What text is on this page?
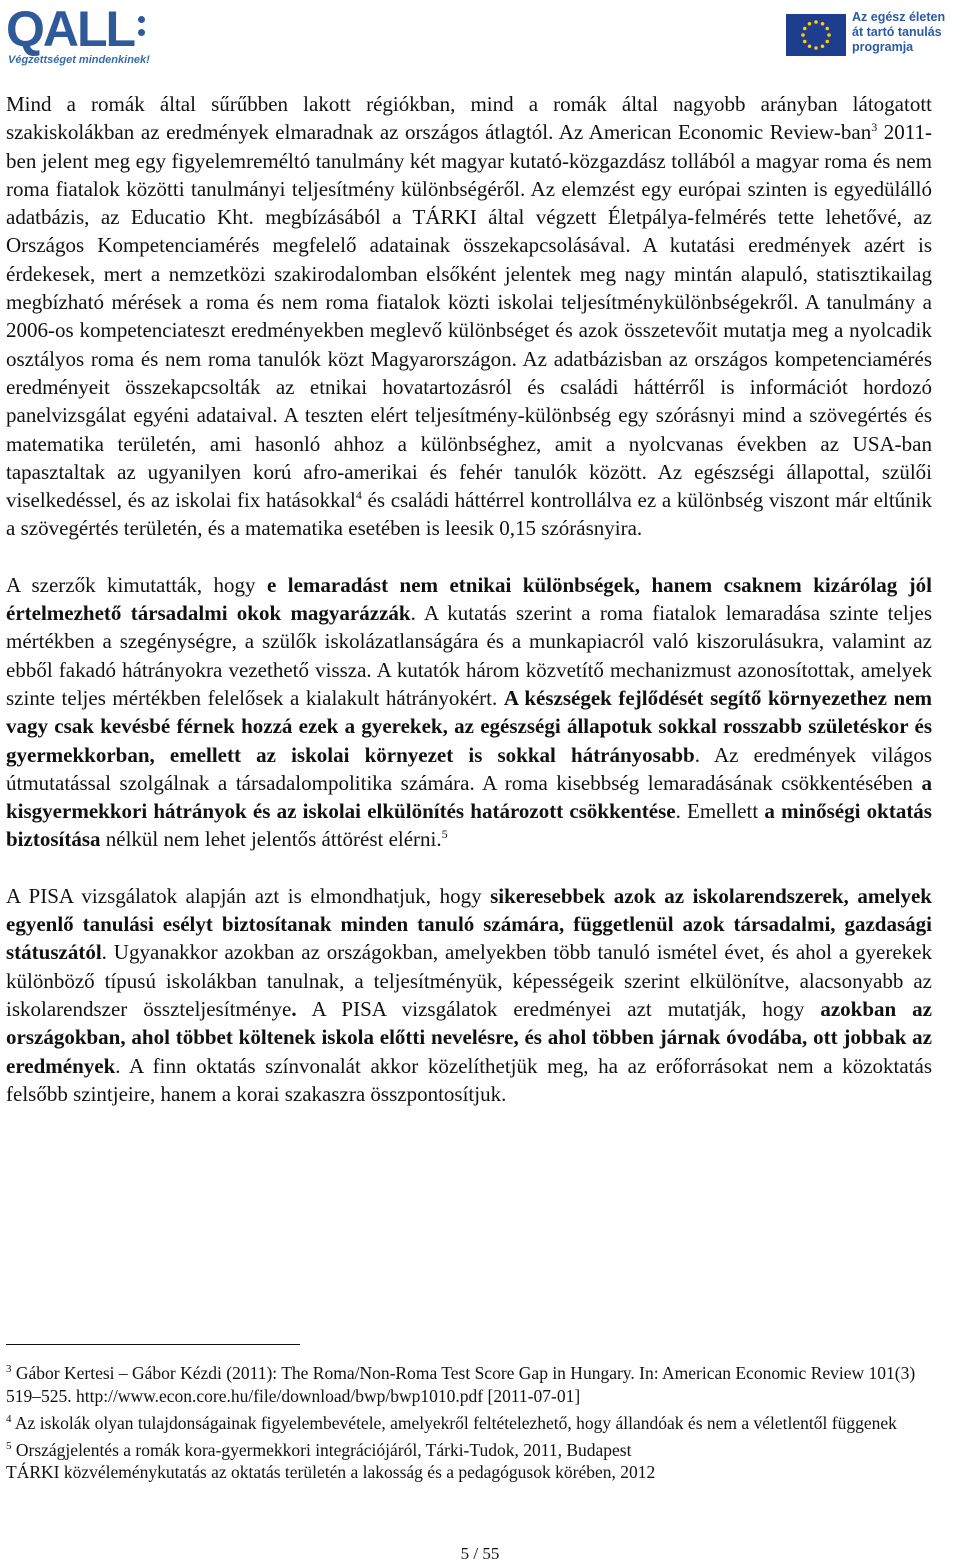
QALL
Végzettséget mindenkinek!
Az egész életen
át tartó tanulás
programja

Mind a romák által sűrűbben lakott régiókban, mind a romák által nagyobb arányban látogatott szakiskolákban az eredmények elmaradnak az országos átlagtól. Az American Economic Review-ban$^3$ 2011-ben jelent meg egy figyelemreméltó tanulmány két magyar kutató-közgazdász tollából a magyar roma és nem roma fiatalok közötti tanulmányi teljesítmény különbségéről. Az elemzést egy európai szinten is egyedülálló adatbázis, az Educatio Kht. megbízásából a TÁRKI által végzett Életpálya-felmérés tette lehetővé, az Országos Kompetenciamérés megfelelő adatainak összekapcsolásával. A kutatási eredmények azért is érdekesek, mert a nemzetközi szakirodalomban elsőként jelentek meg nagy mintán alapuló, statisztikailag megbízható mérések a roma és nem roma fiatalok közti iskolai teljesítménykülönbségekről. A tanulmány a 2006-os kompetenciateszt eredményekben meglevő különbséget és azok összetevőit mutatja meg a nyolcadik osztályos roma és nem roma tanulók közt Magyarországon. Az adatbázisban az országos kompetenciamérés eredményeit összekapcsolták az etnikai hovatartozásról és családi háttérről is információt hordozó panelvizsgálat egyéni adataival. A teszten elért teljesítmény-különbség egy szórásnyi mind a szövegértés és matematika területén, ami hasonló ahhoz a különbséghez, amit a nyolcvanas években az USA-ban tapasztaltak az ugyanilyen korú afro-amerikai és fehér tanulók között. Az egészségi állapottal, szülői viselkedéssel, és az iskolai fix hatásokkal$^4$ és családi háttérrel kontrollálva ez a különbség viszont már eltűnik a szövegértés területén, és a matematika esetében is leesik 0,15 szórásnyira.

A szerzők kimutatták, hogy e lemaradást nem etnikai különbségek, hanem csaknem kizárólag jól értelmezhető társadalmi okok magyarázzák. A kutatás szerint a roma fiatalok lemaradása szinte teljes mértékben a szegénységre, a szülők iskolázatlanságára és a munkapiacról való kiszorulásukra, valamint az ebből fakadó hátrányokra vezethető vissza. A kutatók három közvetítő mechanizmust azonosítottak, amelyek szinte teljes mértékben felelősek a kialakult hátrányokért. A készségek fejlődését segítő környezethez nem vagy csak kevésbé férnek hozzá ezek a gyerekek, az egészségi állapotuk sokkal rosszabb születéskor és gyermekkorban, emellett az iskolai környezet is sokkal hátrányosabb. Az eredmények világos útmutatással szolgálnak a társadalompolitika számára. A roma kisebbség lemaradásának csökkentésében a kisgyermekkori hátrányok és az iskolai elkülönítés határozott csökkentése. Emellett a minőségi oktatás biztosítása nélkül nem lehet jelentős áttörést elérni.$^5$

A PISA vizsgálatok alapján azt is elmondhatjuk, hogy sikeresebbek azok az iskolarendszerek, amelyek egyenlő tanulási esélyt biztosítanak minden tanuló számára, függetlenül azok társadalmi, gazdasági státuszától. Ugyanakkor azokban az országokban, amelyekben több tanuló ismétel évet, és ahol a gyerekek különböző típusú iskolákban tanulnak, a teljesítményük, képességeik szerint elkülönítve, alacsonyabb az iskolarendszer összteljesítménye. A PISA vizsgálatok eredményei azt mutatják, hogy azokban az országokban, ahol többet költenek iskola előtti nevelésre, és ahol többen járnak óvodába, ott jobbak az eredmények. A finn oktatás színvonalát akkor közelíthetjük meg, ha az erőforrásokat nem a közoktatás felsőbb szintjeire, hanem a korai szakaszra összpontosítjuk.

$^3$ Gábor Kertesi – Gábor Kézdi (2011): The Roma/Non-Roma Test Score Gap in Hungary. In: American Economic Review 101(3) 519–525. http://www.econ.core.hu/file/download/bwp/bwp1010.pdf [2011-07-01]

$^4$ Az iskolák olyan tulajdonságainak figyelembevétele, amelyekről feltételezhető, hogy állandóak és nem a véletlentől függenek

$^5$ Országjelentés a romák kora-gyermekkori integrációjáról, Tárki-Tudok, 2011, Budapest

TÁRKI közvéleménykutatás az oktatás területén a lakosság és a pedagógusok körében, 2012

5 / 55
